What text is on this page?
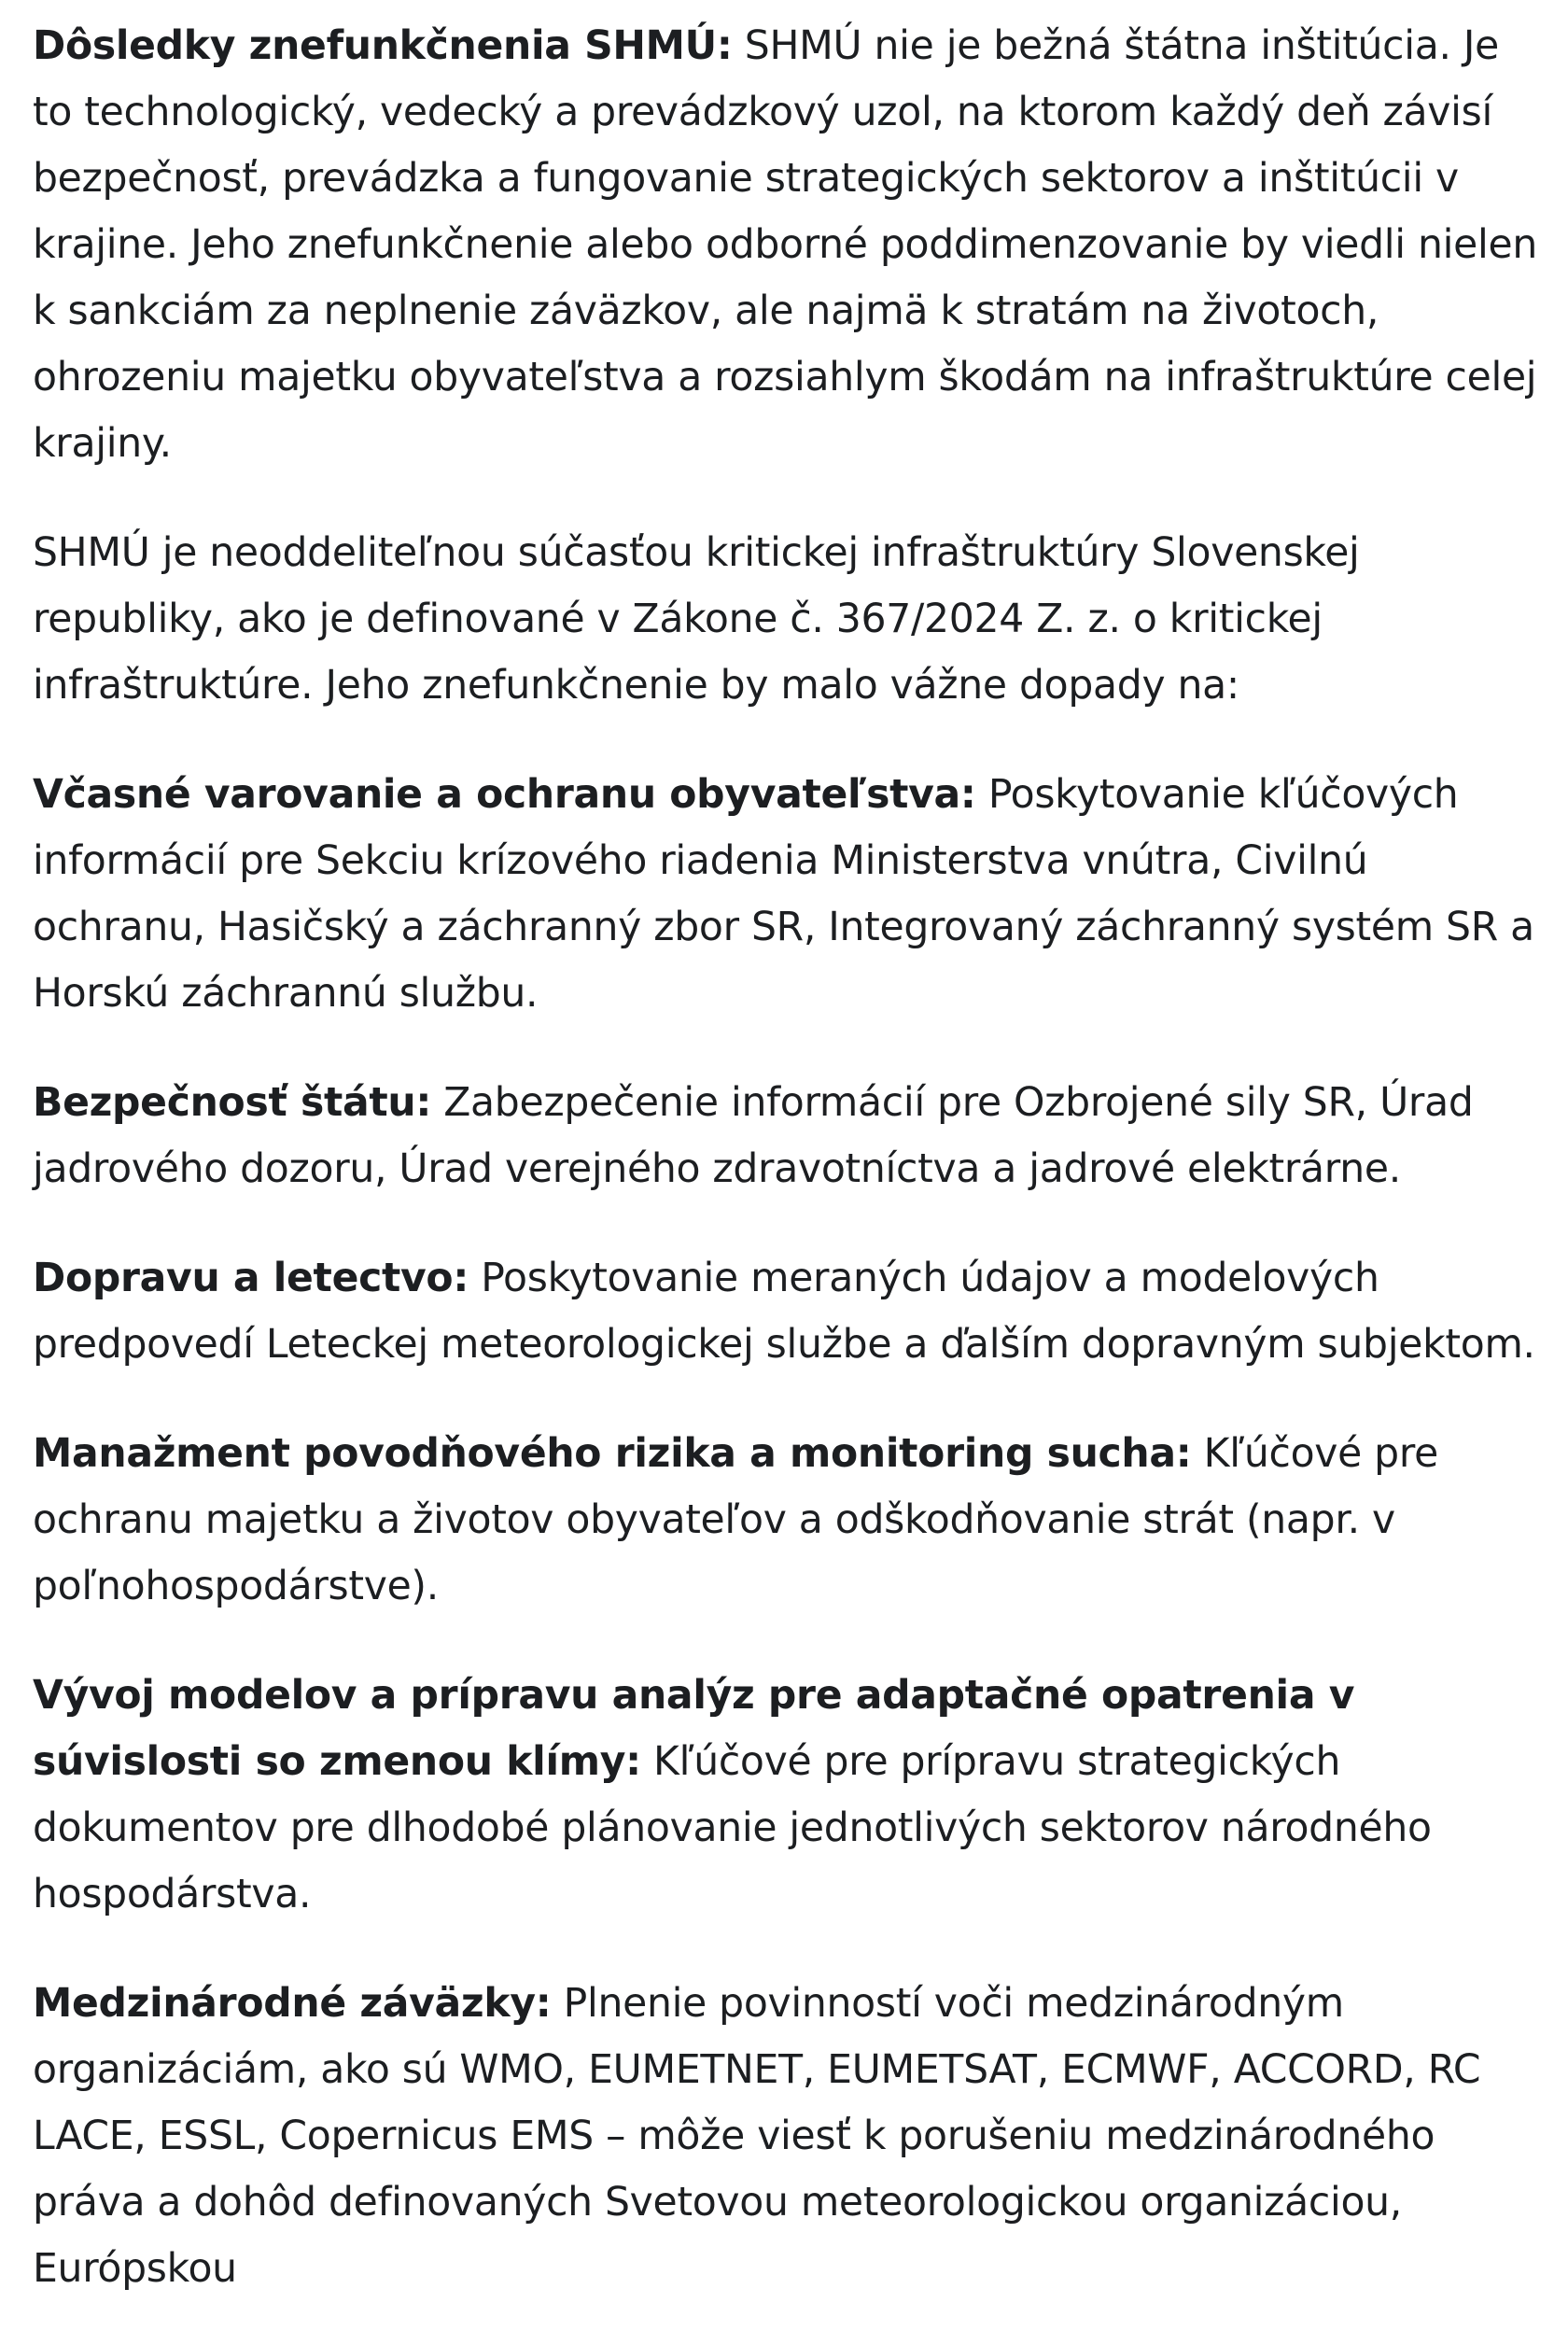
Dôsledky znefunkčnenia SHMÚ: SHMÚ nie je bežná štátna inštitúcia. Je to technologický, vedecký a prevádzkový uzol, na ktorom každý deň závisí bezpečnosť, prevádzka a fungovanie strategických sektorov a inštitúcii v krajine. Jeho znefunkčnenie alebo odborné poddimenzovanie by viedli nielen k sankciám za neplnenie záväzkov, ale najmä k stratám na životoch, ohrozeniu majetku obyvateľstva a rozsiahlym škodám na infraštruktúre celej krajiny.

SHMÚ je neoddeliteľnou súčasťou kritickej infraštruktúry Slovenskej republiky, ako je definované v Zákone č. 367/2024 Z. z. o kritickej infraštruktúre. Jeho znefunkčnenie by malo vážne dopady na:

Včasné varovanie a ochranu obyvateľstva: Poskytovanie kľúčových informácií pre Sekciu krízového riadenia Ministerstva vnútra, Civilnú ochranu, Hasičský a záchranný zbor SR, Integrovaný záchranný systém SR a Horskú záchrannú službu.

Bezpečnosť štátu: Zabezpečenie informácií pre Ozbrojené sily SR, Úrad jadrového dozoru, Úrad verejného zdravotníctva a jadrové elektrárne.

Dopravu a letectvo: Poskytovanie meraných údajov a modelových predpovedí Leteckej meteorologickej službe a ďalším dopravným subjektom.

Manažment povodňového rizika a monitoring sucha: Kľúčové pre ochranu majetku a životov obyvateľov a odškodňovanie strát (napr. v poľnohospodárstve).

Vývoj modelov a prípravu analýz pre adaptačné opatrenia v súvislosti so zmenou klímy: Kľúčové pre prípravu strategických dokumentov pre dlhodobé plánovanie jednotlivých sektorov národného hospodárstva.

Medzinárodné záväzky: Plnenie povinností voči medzinárodným organizáciám, ako sú WMO, EUMETNET, EUMETSAT, ECMWF, ACCORD, RC LACE, ESSL, Copernicus EMS – môže viesť k porušeniu medzinárodného práva a dohôd definovaných Svetovou meteorologickou organizáciou, Európskou
